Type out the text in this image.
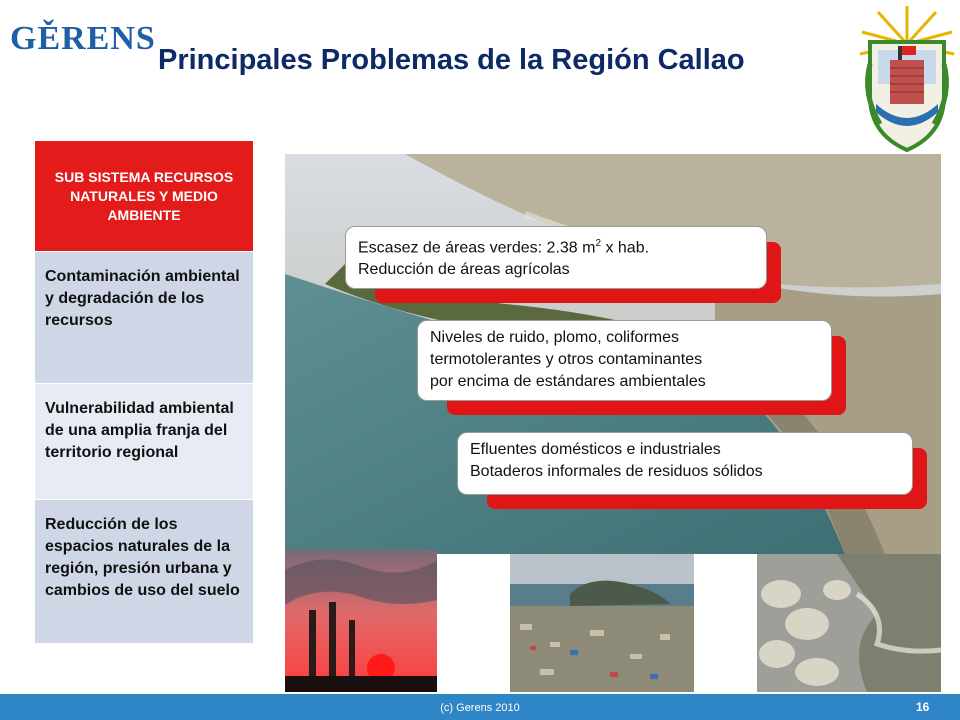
GĚRENS
Principales Problemas de la Región Callao
SUB SISTEMA RECURSOS NATURALES Y MEDIO AMBIENTE
Contaminación ambiental y degradación de los recursos
Vulnerabilidad ambiental de una amplia franja del territorio regional
Reducción de los espacios naturales de la región, presión urbana y cambios de uso del suelo
Escasez de áreas verdes: 2.38 $m^2$ x hab.
Reducción de áreas agrícolas
Niveles de ruido, plomo, coliformes
termotolerantes y otros contaminantes
por encima de estándares ambientales
Efluentes domésticos e industriales
Botaderos informales de residuos sólidos
(c) Gerens 2010	16
